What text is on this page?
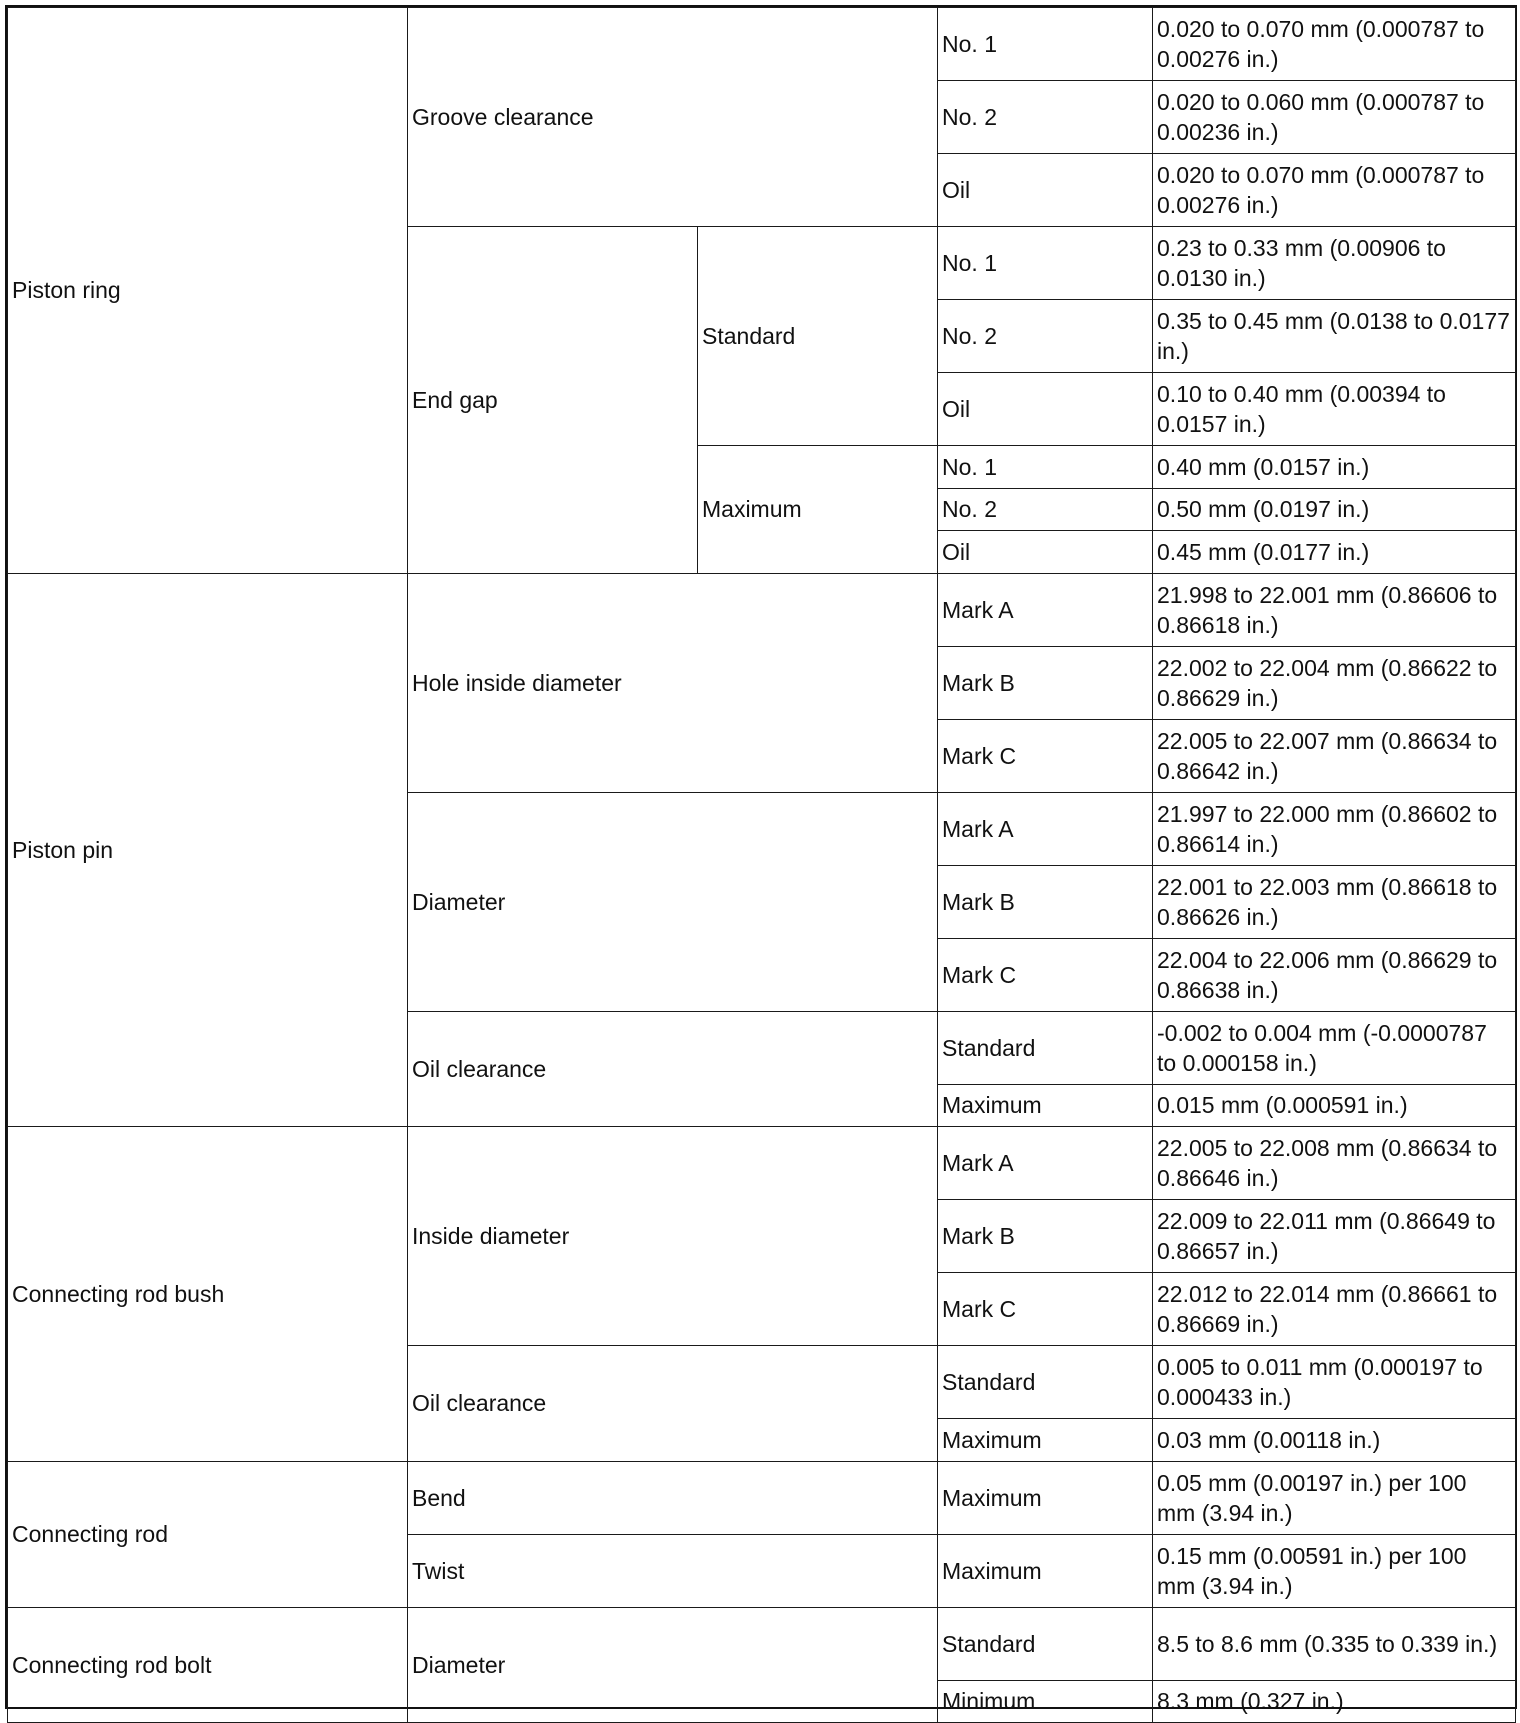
Piston ring	Groove clearance		No. 1	0.020 to 0.070 mm (0.000787 to 0.00276 in.)
			No. 2	0.020 to 0.060 mm (0.000787 to 0.00236 in.)
			Oil	0.020 to 0.070 mm (0.000787 to 0.00276 in.)
	End gap	Standard	No. 1	0.23 to 0.33 mm (0.00906 to 0.0130 in.)
			No. 2	0.35 to 0.45 mm (0.0138 to 0.0177 in.)
			Oil	0.10 to 0.40 mm (0.00394 to 0.0157 in.)
		Maximum	No. 1	0.40 mm (0.0157 in.)
			No. 2	0.50 mm (0.0197 in.)
			Oil	0.45 mm (0.0177 in.)
Piston pin	Hole inside diameter		Mark A	21.998 to 22.001 mm (0.86606 to 0.86618 in.)
			Mark B	22.002 to 22.004 mm (0.86622 to 0.86629 in.)
			Mark C	22.005 to 22.007 mm (0.86634 to 0.86642 in.)
	Diameter		Mark A	21.997 to 22.000 mm (0.86602 to 0.86614 in.)
			Mark B	22.001 to 22.003 mm (0.86618 to 0.86626 in.)
			Mark C	22.004 to 22.006 mm (0.86629 to 0.86638 in.)
	Oil clearance		Standard	-0.002 to 0.004 mm (-0.0000787 to 0.000158 in.)
			Maximum	0.015 mm (0.000591 in.)
Connecting rod bush	Inside diameter		Mark A	22.005 to 22.008 mm (0.86634 to 0.86646 in.)
			Mark B	22.009 to 22.011 mm (0.86649 to 0.86657 in.)
			Mark C	22.012 to 22.014 mm (0.86661 to 0.86669 in.)
	Oil clearance		Standard	0.005 to 0.011 mm (0.000197 to 0.000433 in.)
			Maximum	0.03 mm (0.00118 in.)
Connecting rod	Bend		Maximum	0.05 mm (0.00197 in.) per 100 mm (3.94 in.)
	Twist		Maximum	0.15 mm (0.00591 in.) per 100 mm (3.94 in.)
Connecting rod bolt	Diameter		Standard	8.5 to 8.6 mm (0.335 to 0.339 in.)
			Minimum	8.3 mm (0.327 in.)
